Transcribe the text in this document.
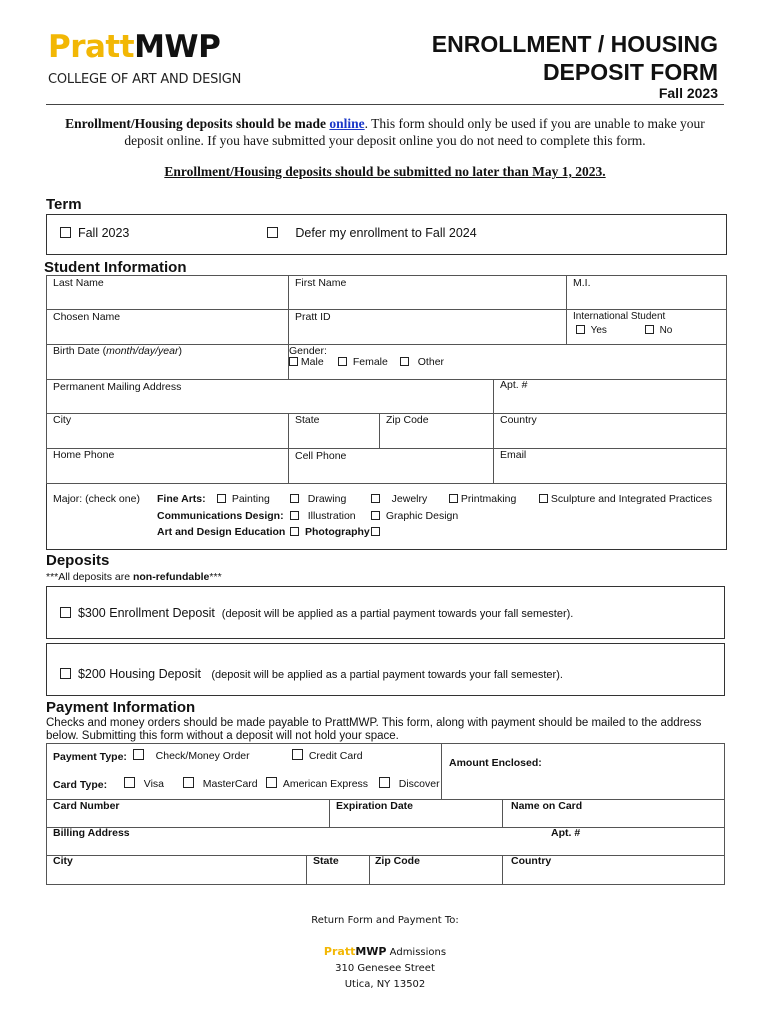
PrattMWP
COLLEGE OF ART AND DESIGN
ENROLLMENT / HOUSING
DEPOSIT FORM
Fall 2023
Enrollment/Housing deposits should be made online. This form should only be used if you are unable to make your
deposit online. If you have submitted your deposit online you do not need to complete this form.
Enrollment/Housing deposits should be submitted no later than May 1, 2023.
Term
Fall 2023	Defer my enrollment to Fall 2024
Student Information
Last Name	First Name	M.I.
Chosen Name	Pratt ID	International Student
Yes	No
Birth Date (month/day/year)	Gender:
Male	Female	Other
Permanent Mailing Address	Apt. #
City	State	Zip Code	Country
Home Phone	Cell Phone	Email
Major: (check one) Fine Arts:	Painting	Drawing	Jewelry	Printmaking	Sculpture and Integrated Practices
Communications Design:	Illustration	Graphic Design
Art and Design Education Photography
Deposits
***All deposits are non-refundable***
$300 Enrollment Deposit (deposit will be applied as a partial payment towards your fall semester).
$200 Housing Deposit (deposit will be applied as a partial payment towards your fall semester).
Payment Information
Checks and money orders should be made payable to PrattMWP. This form, along with payment should be mailed to the address
below. Submitting this form without a deposit will not hold your space.
Payment Type:	Check/Money Order	Credit Card
Amount Enclosed:
Card Type:	Visa	MasterCard	American Express	Discover
Card Number	Expiration Date	Name on Card
Billing Address	Apt. #
City	State	Zip Code	Country
Return Form and Payment To:
PrattMWP Admissions
310 Genesee Street
Utica, NY 13502
